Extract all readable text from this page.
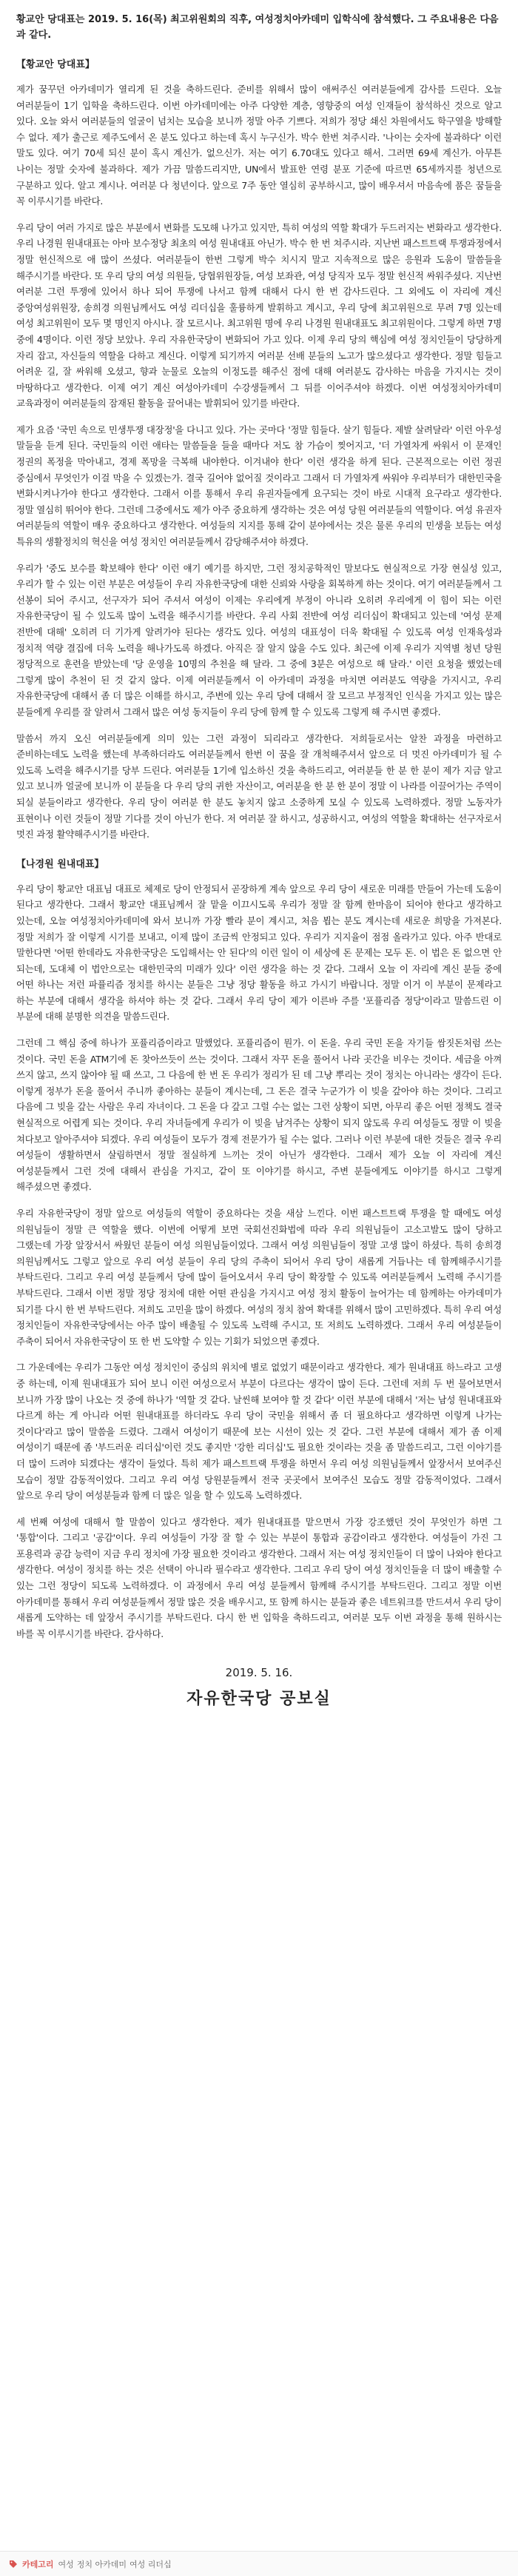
황교안 당대표는 2019. 5. 16(목) 최고위원회의 직후, 여성정치아카데미 입학식에 참석했다. 그 주요내용은 다음과 같다.

【황교안 당대표】

제가 꿈꾸던 아카데미가 열리게 된 것을 축하드린다. 준비를 위해서 많이 애써주신 여러분들에게 감사를 드린다. 오늘 여러분들이 1기 입학을 축하드린다. 이번 아카데미에는 아주 다양한 계층, 영향중의 여성 인재들이 참석하신 것으로 알고 있다. 오늘 와서 여러분들의 얼굴이 넘치는 모습을 보니까 정말 아주 기쁘다. 저희가 정당 쇄신 차원에서도 학구열을 방해할 수 없다. 제가 출근로 제주도에서 온 분도 있다고 하는데 혹시 누구신가. 박수 한번 쳐주시라. '나이는 숫자에 불과하다' 이런 말도 있다. 여기 70세 되신 분이 혹시 계신가. 없으신가. 저는 여기 6.70대도 있다고 해서. 그러면 69세 계신가. 아무튼 나이는 정말 숫자에 불과하다. 제가 가끔 말씀드리지만, UN에서 발표한 연령 분포 기준에 따르면 65세까지를 청년으로 구분하고 있다. 알고 계시나. 여러분 다 청년이다. 앞으로 7주 동안 열심히 공부하시고, 많이 배우셔서 마음속에 품은 꿈들을 꼭 이루시기를 바란다.

우리 당이 여러 가지로 많은 부분에서 변화를 도모해 나가고 있지만, 특히 여성의 역할 확대가 두드러지는 변화라고 생각한다. 우리 나경원 원내대표는 아마 보수정당 최초의 여성 원내대표 아닌가. 박수 한 번 쳐주시라. 지난번 패스트트랙 투쟁과정에서 정말 헌신적으로 애 많이 쓰셨다. 여러분들이 한번 그렇게 박수 치시지 말고 지속적으로 많은 응원과 도움이 말씀들을 해주시기를 바란다. 또 우리 당의 여성 의원들, 당협위원장들, 여성 보좌관, 여성 당직자 모두 정말 헌신적 싸워주셨다. 지난번 여러분 그런 투쟁에 있어서 하나 되어 투쟁에 나서고 함께 대해서 다시 한 번 감사드린다. 그 외에도 이 자리에 계신 중앙여성위원장, 송희경 의원님께서도 여성 리더십을 훌륭하게 발휘하고 계시고, 우리 당에 최고위원으로 무려 7명 있는데 여성 최고위원이 모두 몇 명인지 아시나. 잘 모르시나. 최고위원 명에 우리 나경원 원내대표도 최고위원이다. 그렇게 하면 7명 중에 4명이다. 이런 정당 보았나. 우리 자유한국당이 변화되어 가고 있다. 이제 우리 당의 핵심에 여성 정치인들이 당당하게 자리 잡고, 자신들의 역할을 다하고 계신다. 이렇게 되기까지 여러분 선배 분들의 노고가 많으셨다고 생각한다. 정말 힘들고 어려운 길, 잘 싸워해 오셨고, 향과 눈물로 오늘의 이정도를 해주신 점에 대해 여러분도 감사하는 마음을 가지시는 것이 마땅하다고 생각한다. 이제 여기 계신 여성아카데미 수강생들께서 그 뒤를 이어주셔야 하겠다. 이번 여성정치아카데미 교육과정이 여러분들의 잠재된 활동을 끌어내는 발휘되어 있기를 바란다.

제가 요즘 '국민 속으로 민생투쟁 대장정'을 다니고 있다. 가는 곳마다 '정말 힘들다. 살기 힘들다. 제발 살려달라' 이런 아우성 말들을 듣게 된다. 국민들의 이런 애타는 말씀들을 들을 때마다 저도 참 가슴이 찢어지고, '더 가열차게 싸워서 이 문재인 정권의 폭정을 막아내고, 경제 폭망을 극복해 내야한다. 이겨내야 한다' 이런 생각을 하게 된다. 근본적으로는 이런 정권 중심에서 무엇인가 이걸 막을 수 있겠는가. 결국 길어야 없어질 것이라고 그래서 더 가열차게 싸워야 우리부터가 대한민국을 변화시켜나가야 한다고 생각한다. 그래서 이를 통해서 우리 유권자들에게 요구되는 것이 바로 시대적 요구라고 생각한다. 정말 열심히 뛰어야 한다. 그런데 그중에서도 제가 아주 중요하게 생각하는 것은 여성 당원 여러분들의 역할이다. 여성 유권자 여러분들의 역할이 매우 중요하다고 생각한다. 여성들의 지지를 통해 같이 분야에서는 것은 물론 우리의 민생을 보듬는 여성 특유의 생활정치의 혁신을 여성 정치인 여러분들께서 감당해주셔야 하겠다.

우리가 '중도 보수를 확보해야 한다' 이런 얘기 예기를 하지만, 그런 정치공학적인 말보다도 현실적으로 가장 현실성 있고, 우리가 할 수 있는 이런 부분은 여성들이 우리 자유한국당에 대한 신뢰와 사랑을 회복하게 하는 것이다. 여기 여러분들께서 그 선봉이 되어 주시고, 선구자가 되어 주셔서 여성이 이제는 우리에게 부정이 아니라 오히려 우리에게 이 힘이 되는 이런 자유한국당이 될 수 있도록 많이 노력을 해주시기를 바란다. 우리 사회 전반에 여성 리더십이 확대되고 있는데 '여성 문제 전반에 대해' 오히려 더 기가게 알려가야 된다는 생각도 있다. 여성의 대표성이 더욱 확대될 수 있도록 여성 인재육성과 정치적 역량 결집에 더욱 노력을 해나가도록 하겠다. 아직은 잘 알지 않을 수도 있다. 최근에 이제 우리가 지역별 청년 당원 정당적으로 훈련을 받았는데 '당 운영을 10명의 추천을 해 달라. 그 중에 3분은 여성으로 해 달라.' 이런 요청을 했었는데 그렇게 많이 추천이 된 것 같지 않다. 이제 여러분들께서 이 아카데미 과정을 마치면 여러분도 역량을 가지시고, 우리 자유한국당에 대해서 좀 더 많은 이해를 하시고, 주변에 있는 우리 당에 대해서 잘 모르고 부정적인 인식을 가지고 있는 많은 분들에게 우리를 잘 알려서 그래서 많은 여성 동지들이 우리 당에 함께 할 수 있도록 그렇게 해 주시면 좋겠다.

말씀서 까지 오신 여러분들에게 의미 있는 그런 과정이 되리라고 생각한다. 저희들로서는 알찬 과정을 마련하고 준비하는데도 노력을 했는데 부족하더라도 여러분들께서 한번 이 꿈을 잘 개척해주셔서 앞으로 더 멋진 아카데미가 될 수 있도록 노력을 해주시기를 당부 드린다. 여러분들 1기에 입소하신 것을 축하드리고, 여러분들 한 분 한 분이 제가 지금 알고 있고 보니까 얼굴에 보니까 이 분들을 다 우리 당의 귀한 자산이고, 여러분을 한 분 한 분이 정말 이 나라를 이끌어가는 주역이 되실 분들이라고 생각한다. 우리 당이 여러분 한 분도 놓치지 않고 소중하게 모실 수 있도록 노력하겠다. 정말 노동자가 표현이나 이런 것들이 정말 기다를 것이 아닌가 한다. 저 여러분 잘 하시고, 성공하시고, 여성의 역할을 확대하는 선구자로서 멋진 과정 활약해주시기를 바란다.

【나경원 원내대표】

우리 당이 황교안 대표님 대표로 체제로 당이 안정되서 곧장하게 계속 앞으로 우리 당이 새로운 미래를 만들어 가는데 도움이 된다고 생각한다. 그래서 황교안 대표님께서 잘 맡을 이끄시도록 우리가 정말 잘 함께 한마음이 되어야 한다고 생각하고 있는데, 오늘 여성정치아카데미에 와서 보니까 가장 빨라 분이 계시고, 처음 뵙는 분도 계시는데 새로운 희망을 가져본다. 정말 저희가 잘 이렇게 시기를 보내고, 이제 많이 조금씩 안정되고 있다. 우리가 지지율이 점점 올라가고 있다. 아주 반대로 말한다면 '어떤 한데라도 자유한국당은 도입해서는 안 된다'의 이런 일이 이 세상에 돈 문제는 모두 돈. 이 법은 돈 없으면 안 되는데, 도대체 이 법안으로는 대한민국의 미래가 있다' 이런 생각을 하는 것 같다. 그래서 오늘 이 자리에 계신 분들 중에 어떤 하나는 저런 파퓰리즘 정치를 하시는 분들은 그냥 정당 활동을 하고 가시기 바랍니다. 정말 이거 이 부분이 문제라고 하는 부분에 대해서 생각을 하셔야 하는 것 같다. 그래서 우리 당이 제가 이른바 주를 '포퓰리즘 정당'이라고 말씀드린 이 부분에 대해 분명한 의견을 말씀드린다.

그런데 그 핵심 중에 하나가 포퓰리즘이라고 말했었다. 포퓰리즘이 뭔가. 이 돈을. 우리 국민 돈을 자기들 쌈짓돈처럼 쓰는 것이다. 국민 돈을 ATM기에 돈 찾아쓰듯이 쓰는 것이다. 그래서 자꾸 돈을 풀어서 나라 곳간을 비우는 것이다. 세금을 아껴 쓰지 않고, 쓰지 않아야 될 때 쓰고, 그 다음에 한 번 돈 우리가 정리가 된 데 그냥 뿌리는 것이 정치는 아니라는 생각이 든다. 이렇게 정부가 돈을 풀어서 주니까 좋아하는 분들이 계시는데, 그 돈은 결국 누군가가 이 빚을 갚아야 하는 것이다. 그리고 다음에 그 빚을 갚는 사람은 우리 자녀이다. 그 돈을 다 갚고 그럴 수는 없는 그런 상황이 되면, 아무리 좋은 어떤 정책도 결국 현실적으로 어렵게 되는 것이다. 우리 자녀들에게 우리가 이 빚을 남겨주는 상황이 되지 않도록 우리 여성들도 정말 이 빚을 쳐다보고 알아주셔야 되겠다. 우리 여성들이 모두가 경제 전문가가 될 수는 없다. 그러나 이런 부분에 대한 것들은 결국 우리 여성들이 생활하면서 살림하면서 정말 절실하게 느끼는 것이 아닌가 생각한다. 그래서 제가 오늘 이 자리에 계신 여성분들께서 그런 것에 대해서 관심을 가지고, 같이 또 이야기를 하시고, 주변 분들에게도 이야기를 하시고 그렇게 해주셨으면 좋겠다.

우리 자유한국당이 정말 앞으로 여성들의 역할이 중요하다는 것을 새삼 느낀다. 이번 패스트트랙 투쟁을 할 때에도 여성 의원님들이 정말 큰 역할을 했다. 이번에 어떻게 보면 국회선진화법에 따라 우리 의원님들이 고소고발도 많이 당하고 그랬는데 가장 앞장서서 싸웠던 분들이 여성 의원님들이었다. 그래서 여성 의원님들이 정말 고생 많이 하셨다. 특히 송희경 의원님께서도 그렇고 앞으로 우리 여성 분들이 우리 당의 주축이 되어서 우리 당이 새롭게 거듭나는 데 함께해주시기를 부탁드린다. 그리고 우리 여성 분들께서 당에 많이 들어오셔서 우리 당이 확장할 수 있도록 여러분들께서 노력해 주시기를 부탁드린다. 그래서 이번 정말 정당 정치에 대한 어떤 관심을 가지시고 여성 정치 활동이 늘어가는 데 함께하는 아카데미가 되기를 다시 한 번 부탁드린다. 저희도 고민을 많이 하겠다. 여성의 정치 참여 확대를 위해서 많이 고민하겠다. 특히 우리 여성 정치인들이 자유한국당에서는 아주 많이 배출될 수 있도록 노력해 주시고, 또 저희도 노력하겠다. 그래서 우리 여성분들이 주축이 되어서 자유한국당이 또 한 번 도약할 수 있는 기회가 되었으면 좋겠다.

그 가운데에는 우리가 그동안 여성 정치인이 중심의 위치에 별로 없었기 때문이라고 생각한다. 제가 원내대표 하느라고 고생 중 하는데, 이제 원내대표가 되어 보니 이런 여성으로서 부분이 다르다는 생각이 많이 든다. 그런데 저희 두 번 물어보면서 보니까 가장 많이 나오는 것 중에 하나가 '역할 것 같다. 날씬해 보여야 할 것 같다' 이런 부분에 대해서 '저는 남성 원내대표와 다르게 하는 게 아니라 어떤 원내대표를 하더라도 우리 당이 국민을 위해서 좀 더 필요하다고 생각하면 이렇게 나가는 것이다'라고 많이 말씀을 드렸다. 그래서 여성이기 때문에 보는 시선이 있는 것 같다. 그런 부분에 대해서 제가 좀 이제 여성이기 때문에 좀 '부드러운 리더십'이런 것도 좋지만 '강한 리더십'도 필요한 것이라는 것을 좀 말씀드리고, 그런 이야기를 더 많이 드려야 되겠다는 생각이 들었다. 특히 제가 패스트트랙 투쟁을 하면서 우리 여성 의원님들께서 앞장서서 보여주신 모습이 정말 감동적이었다. 그리고 우리 여성 당원분들께서 전국 곳곳에서 보여주신 모습도 정말 감동적이었다. 그래서 앞으로 우리 당이 여성분들과 함께 더 많은 일을 할 수 있도록 노력하겠다.

세 번째 여성에 대해서 할 말씀이 있다고 생각한다. 제가 원내대표를 맡으면서 가장 강조했던 것이 무엇인가 하면 그 '통합'이다. 그리고 '공감'이다. 우리 여성들이 가장 잘 할 수 있는 부분이 통합과 공감이라고 생각한다. 여성들이 가진 그 포용력과 공감 능력이 지금 우리 정치에 가장 필요한 것이라고 생각한다. 그래서 저는 여성 정치인들이 더 많이 나와야 한다고 생각한다. 여성이 정치를 하는 것은 선택이 아니라 필수라고 생각한다. 그리고 우리 당이 여성 정치인들을 더 많이 배출할 수 있는 그런 정당이 되도록 노력하겠다. 이 과정에서 우리 여성 분들께서 함께해 주시기를 부탁드린다. 그리고 정말 이번 아카데미를 통해서 우리 여성분들께서 정말 많은 것을 배우시고, 또 함께 하시는 분들과 좋은 네트워크를 만드셔서 우리 당이 새롭게 도약하는 데 앞장서 주시기를 부탁드린다. 다시 한 번 입학을 축하드리고, 여러분 모두 이번 과정을 통해 원하시는 바를 꼭 이루시기를 바란다. 감사하다.

2019. 5. 16.
자유한국당 공보실
카테고리 여성 정치 아카데미 여성 리더십
